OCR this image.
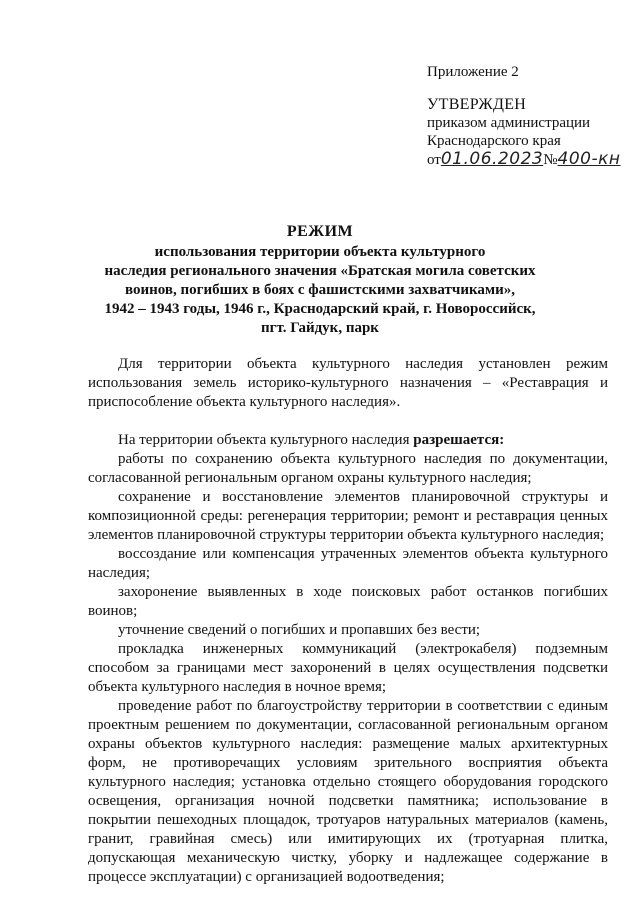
Приложение 2
УТВЕРЖДЕН
приказом администрации
Краснодарского края
от01.06.2023№400-кн
РЕЖИМ
использования территории объекта культурного
наследия регионального значения «Братская могила советских
воинов, погибших в боях с фашистскими захватчиками»,
1942 – 1943 годы, 1946 г., Краснодарский край, г. Новороссийск,
пгт. Гайдук, парк

Для территории объекта культурного наследия установлен режим использования земель историко-культурного назначения – «Реставрация и приспособление объекта культурного наследия».

На территории объекта культурного наследия разрешается:

работы по сохранению объекта культурного наследия по документации, согласованной региональным органом охраны культурного наследия;

сохранение и восстановление элементов планировочной структуры и композиционной среды: регенерация территории; ремонт и реставрация ценных элементов планировочной структуры территории объекта культурного наследия;

воссоздание или компенсация утраченных элементов объекта культурного наследия;

захоронение выявленных в ходе поисковых работ останков погибших воинов;

уточнение сведений о погибших и пропавших без вести;

прокладка инженерных коммуникаций (электрокабеля) подземным способом за границами мест захоронений в целях осуществления подсветки объекта культурного наследия в ночное время;

проведение работ по благоустройству территории в соответствии с единым проектным решением по документации, согласованной региональным органом охраны объектов культурного наследия: размещение малых архитектурных форм, не противоречащих условиям зрительного восприятия объекта культурного наследия; установка отдельно стоящего оборудования городского освещения, организация ночной подсветки памятника; использование в покрытии пешеходных площадок, тротуаров натуральных материалов (камень, гранит, гравийная смесь) или имитирующих их (тротуарная плитка, допускающая механическую чистку, уборку и надлежащее содержание в процессе эксплуатации) с организацией водоотведения;
